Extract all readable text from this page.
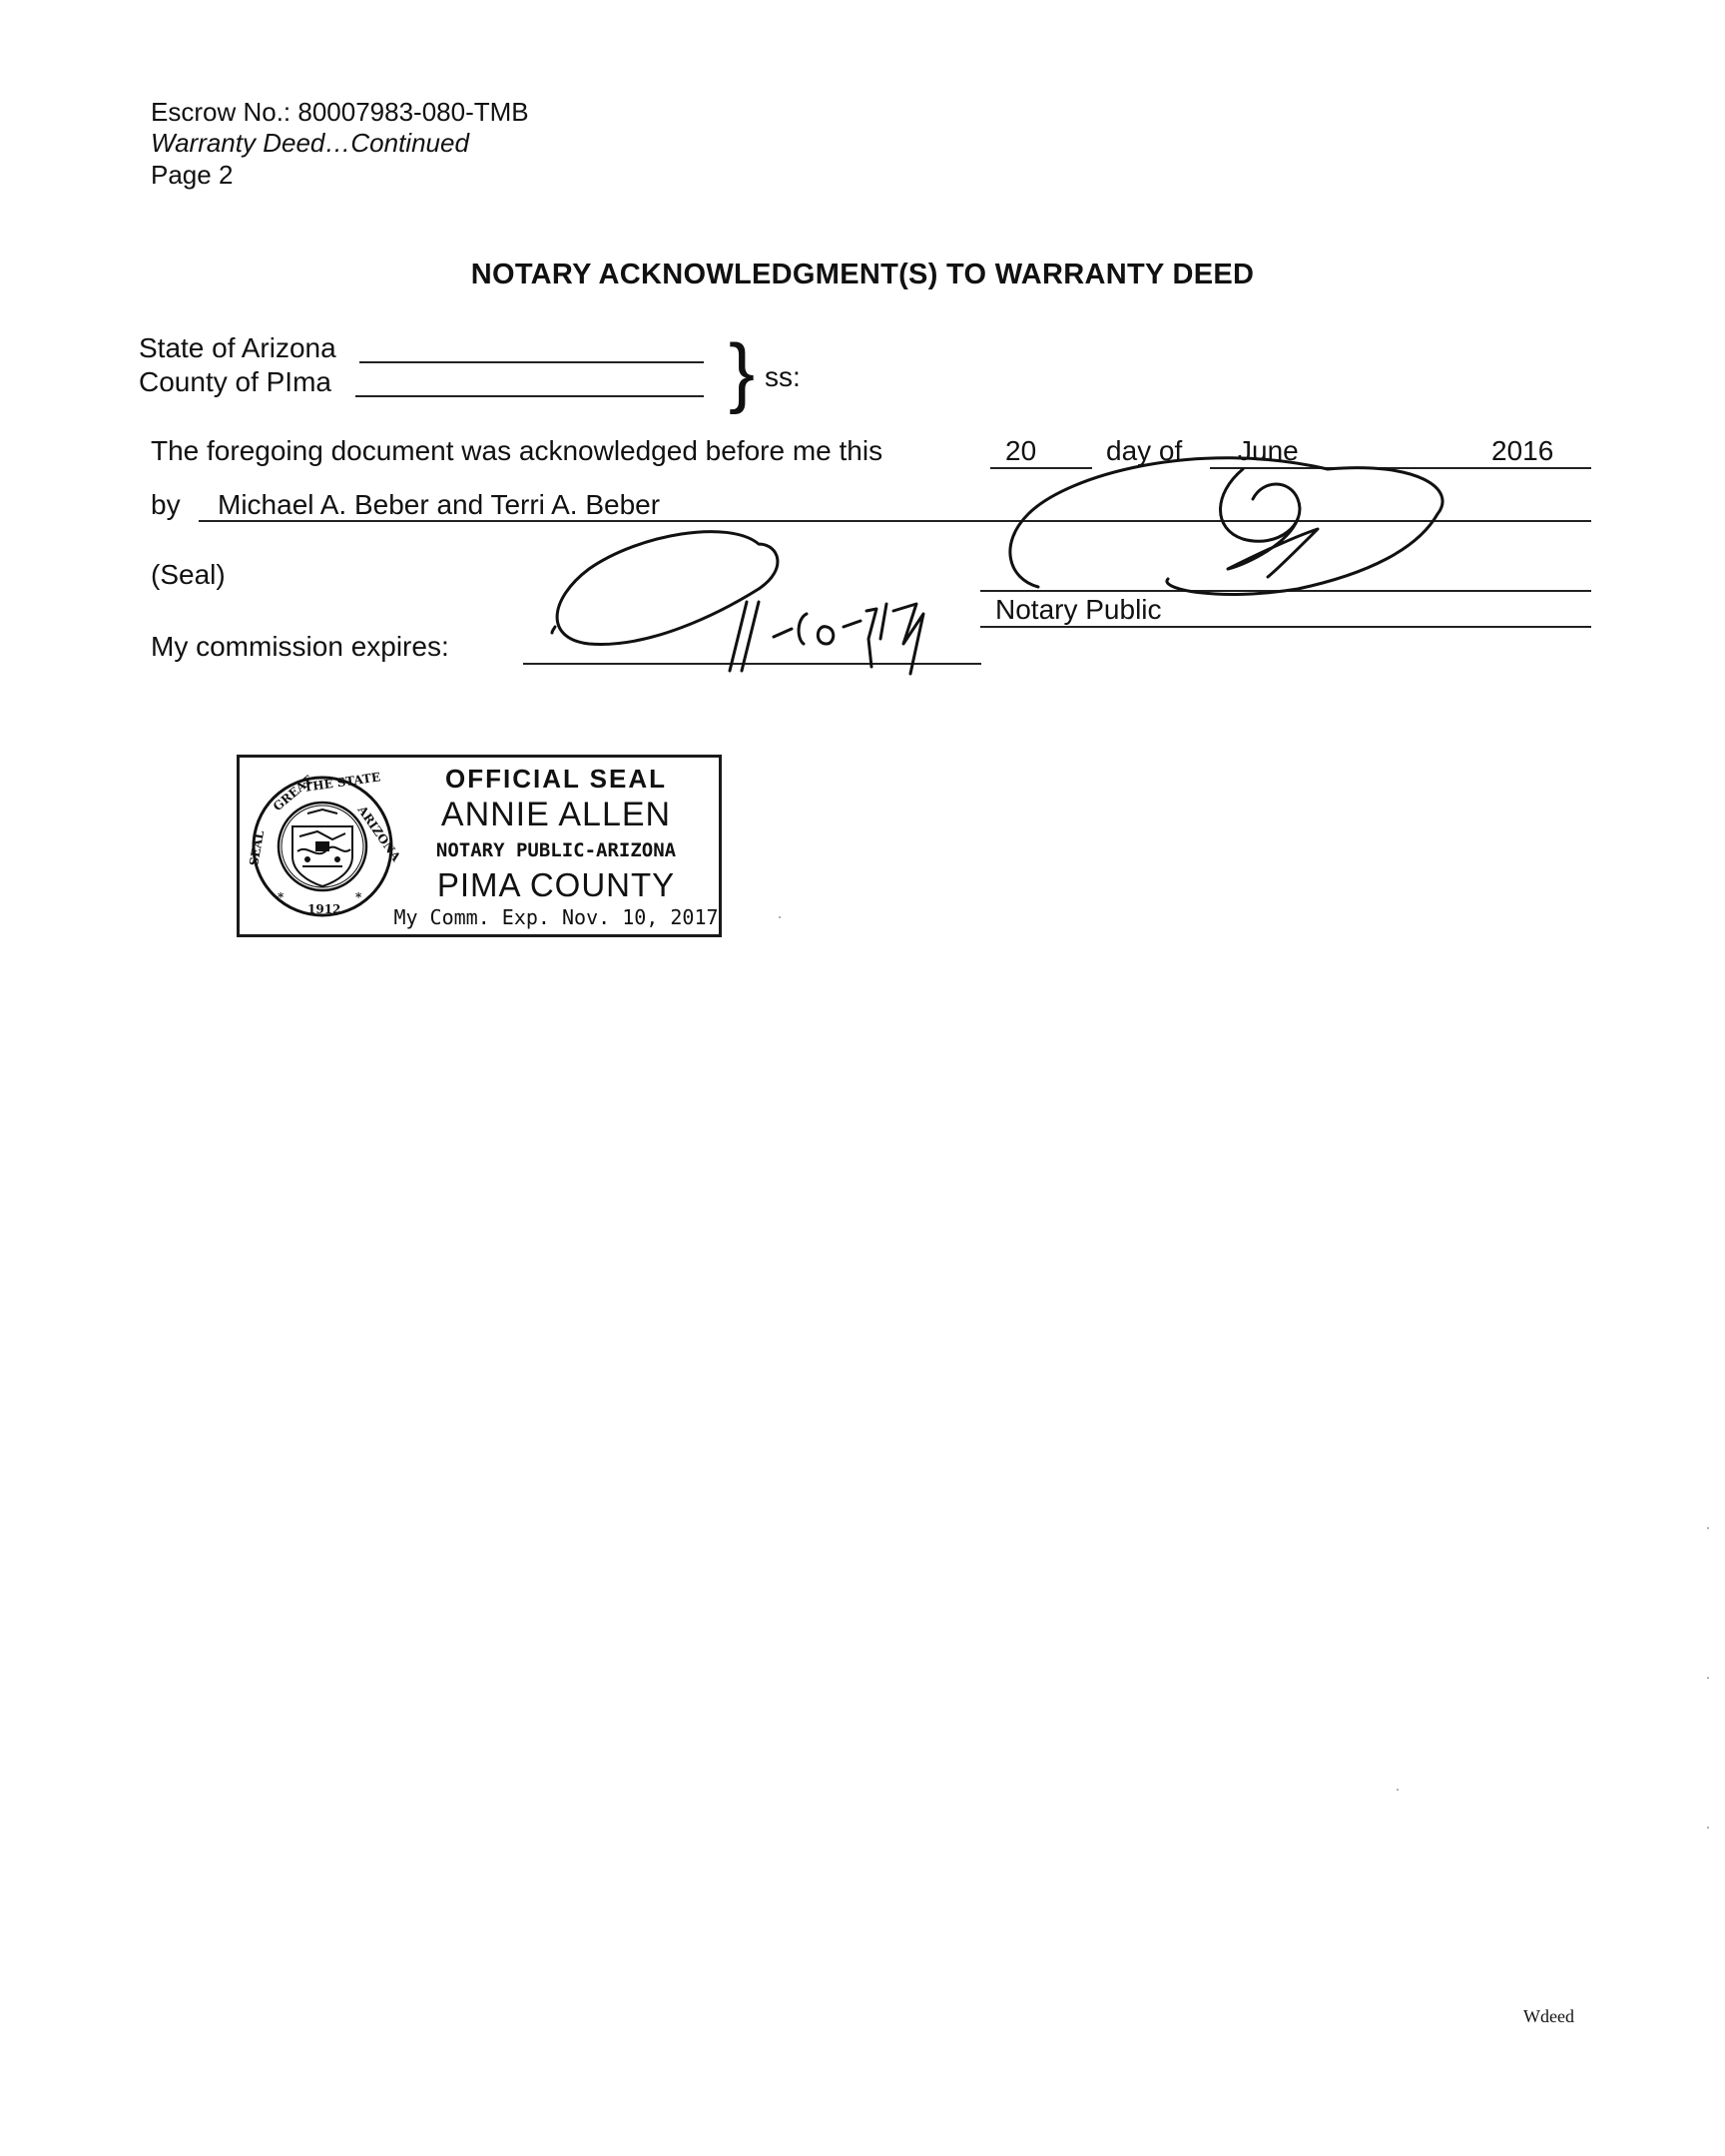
Escrow No.: 80007983-080-TMB
Warranty Deed…Continued
Page 2
NOTARY ACKNOWLEDGMENT(S) TO WARRANTY DEED
State of Arizona
County of PIma	} ss:
The foregoing document was acknowledged before me this	20 day of June	2016
by Michael A. Beber and Terri A. Beber
(Seal)
Notary Public
My commission expires:
GREAT
THE STATE
ARIZONA
SEAL
1912
*	*
OFFICIAL SEAL
ANNIE ALLEN
NOTARY PUBLIC-ARIZONA
PIMA COUNTY
My Comm. Exp. Nov. 10, 2017
Wdeed
